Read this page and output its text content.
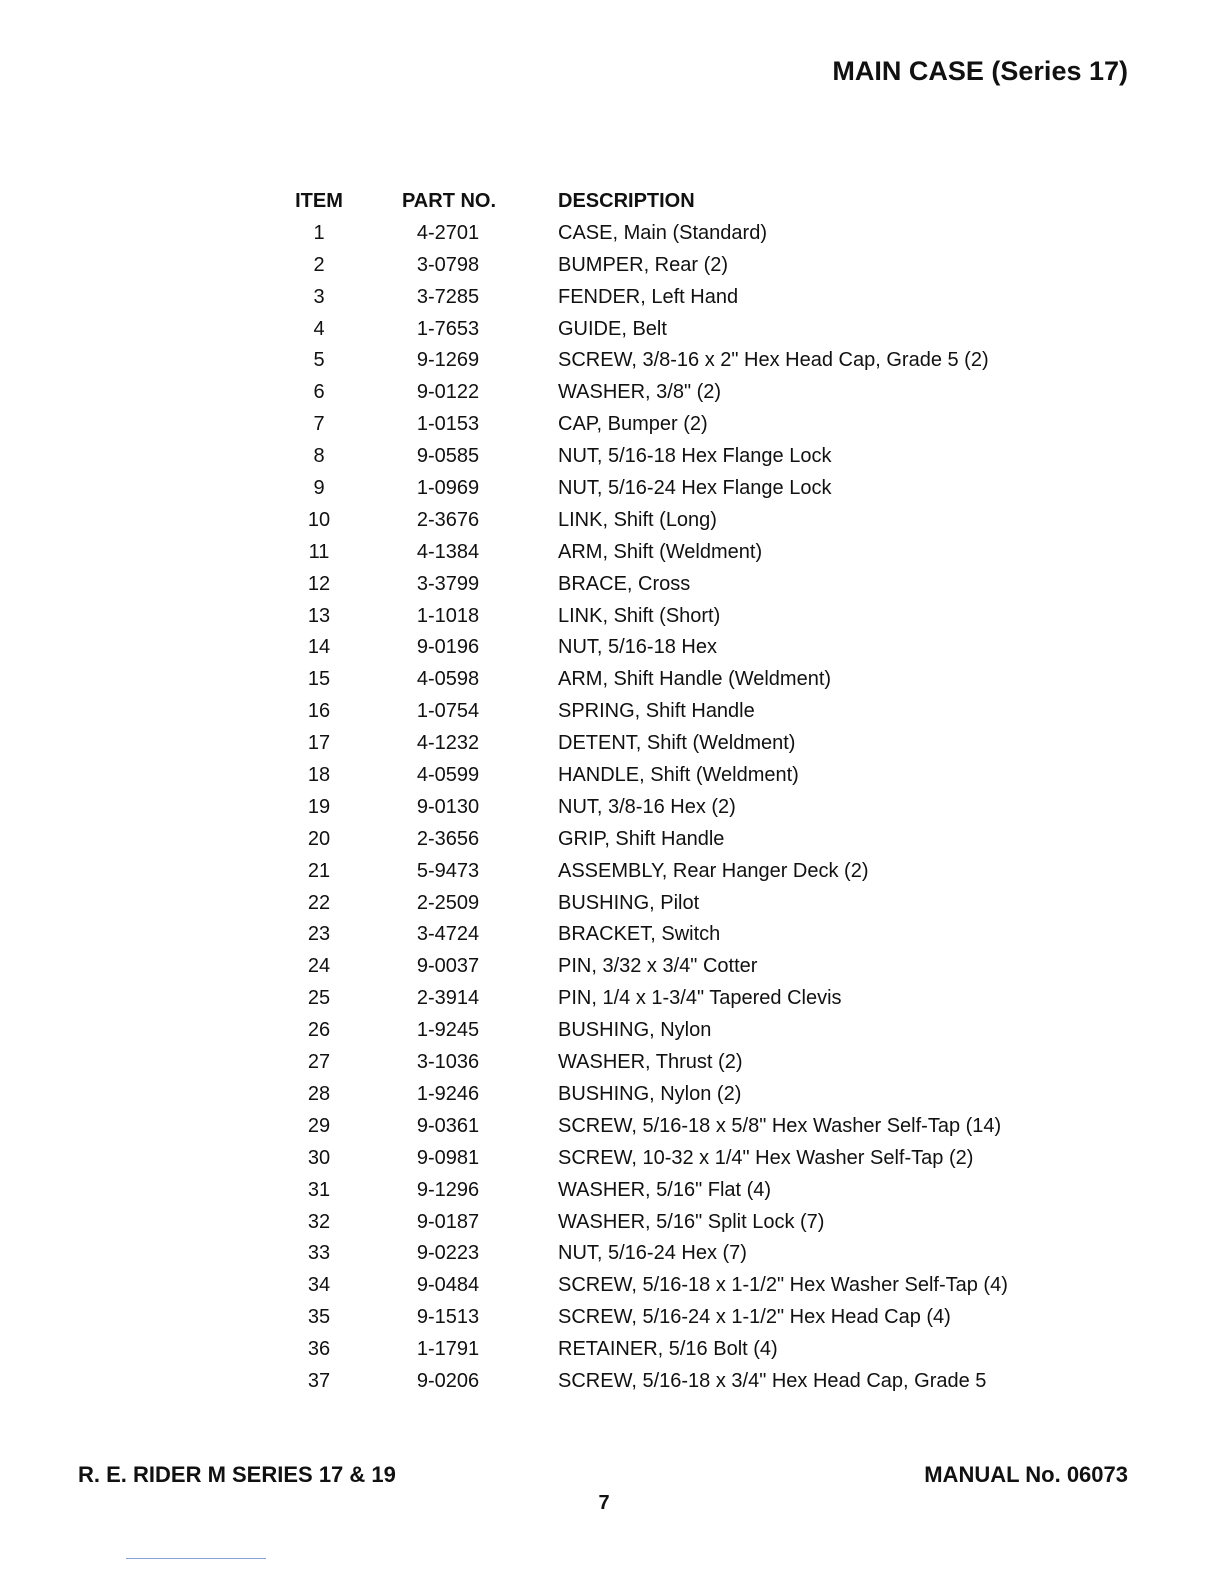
MAIN CASE (Series 17)
ITEM	PART NO.	DESCRIPTION
1	4-2701	CASE, Main (Standard)
2	3-0798	BUMPER, Rear (2)
3	3-7285	FENDER, Left Hand
4	1-7653	GUIDE, Belt
5	9-1269	SCREW, 3/8-16 x 2" Hex Head Cap, Grade 5 (2)
6	9-0122	WASHER, 3/8" (2)
7	1-0153	CAP, Bumper (2)
8	9-0585	NUT, 5/16-18 Hex Flange Lock
9	1-0969	NUT, 5/16-24 Hex Flange Lock
10	2-3676	LINK, Shift (Long)
11	4-1384	ARM, Shift (Weldment)
12	3-3799	BRACE, Cross
13	1-1018	LINK, Shift (Short)
14	9-0196	NUT, 5/16-18 Hex
15	4-0598	ARM, Shift Handle (Weldment)
16	1-0754	SPRING, Shift Handle
17	4-1232	DETENT, Shift (Weldment)
18	4-0599	HANDLE, Shift (Weldment)
19	9-0130	NUT, 3/8-16 Hex (2)
20	2-3656	GRIP, Shift Handle
21	5-9473	ASSEMBLY, Rear Hanger Deck (2)
22	2-2509	BUSHING, Pilot
23	3-4724	BRACKET, Switch
24	9-0037	PIN, 3/32 x 3/4" Cotter
25	2-3914	PIN, 1/4 x 1-3/4" Tapered Clevis
26	1-9245	BUSHING, Nylon
27	3-1036	WASHER, Thrust (2)
28	1-9246	BUSHING, Nylon (2)
29	9-0361	SCREW, 5/16-18 x 5/8" Hex Washer Self-Tap (14)
30	9-0981	SCREW, 10-32 x 1/4" Hex Washer Self-Tap (2)
31	9-1296	WASHER, 5/16" Flat (4)
32	9-0187	WASHER, 5/16" Split Lock (7)
33	9-0223	NUT, 5/16-24 Hex (7)
34	9-0484	SCREW, 5/16-18 x 1-1/2" Hex Washer Self-Tap (4)
35	9-1513	SCREW, 5/16-24 x 1-1/2" Hex Head Cap (4)
36	1-1791	RETAINER, 5/16 Bolt (4)
37	9-0206	SCREW, 5/16-18 x 3/4" Hex Head Cap, Grade 5
R. E. RIDER M SERIES 17 & 19	MANUAL No. 06073
7
